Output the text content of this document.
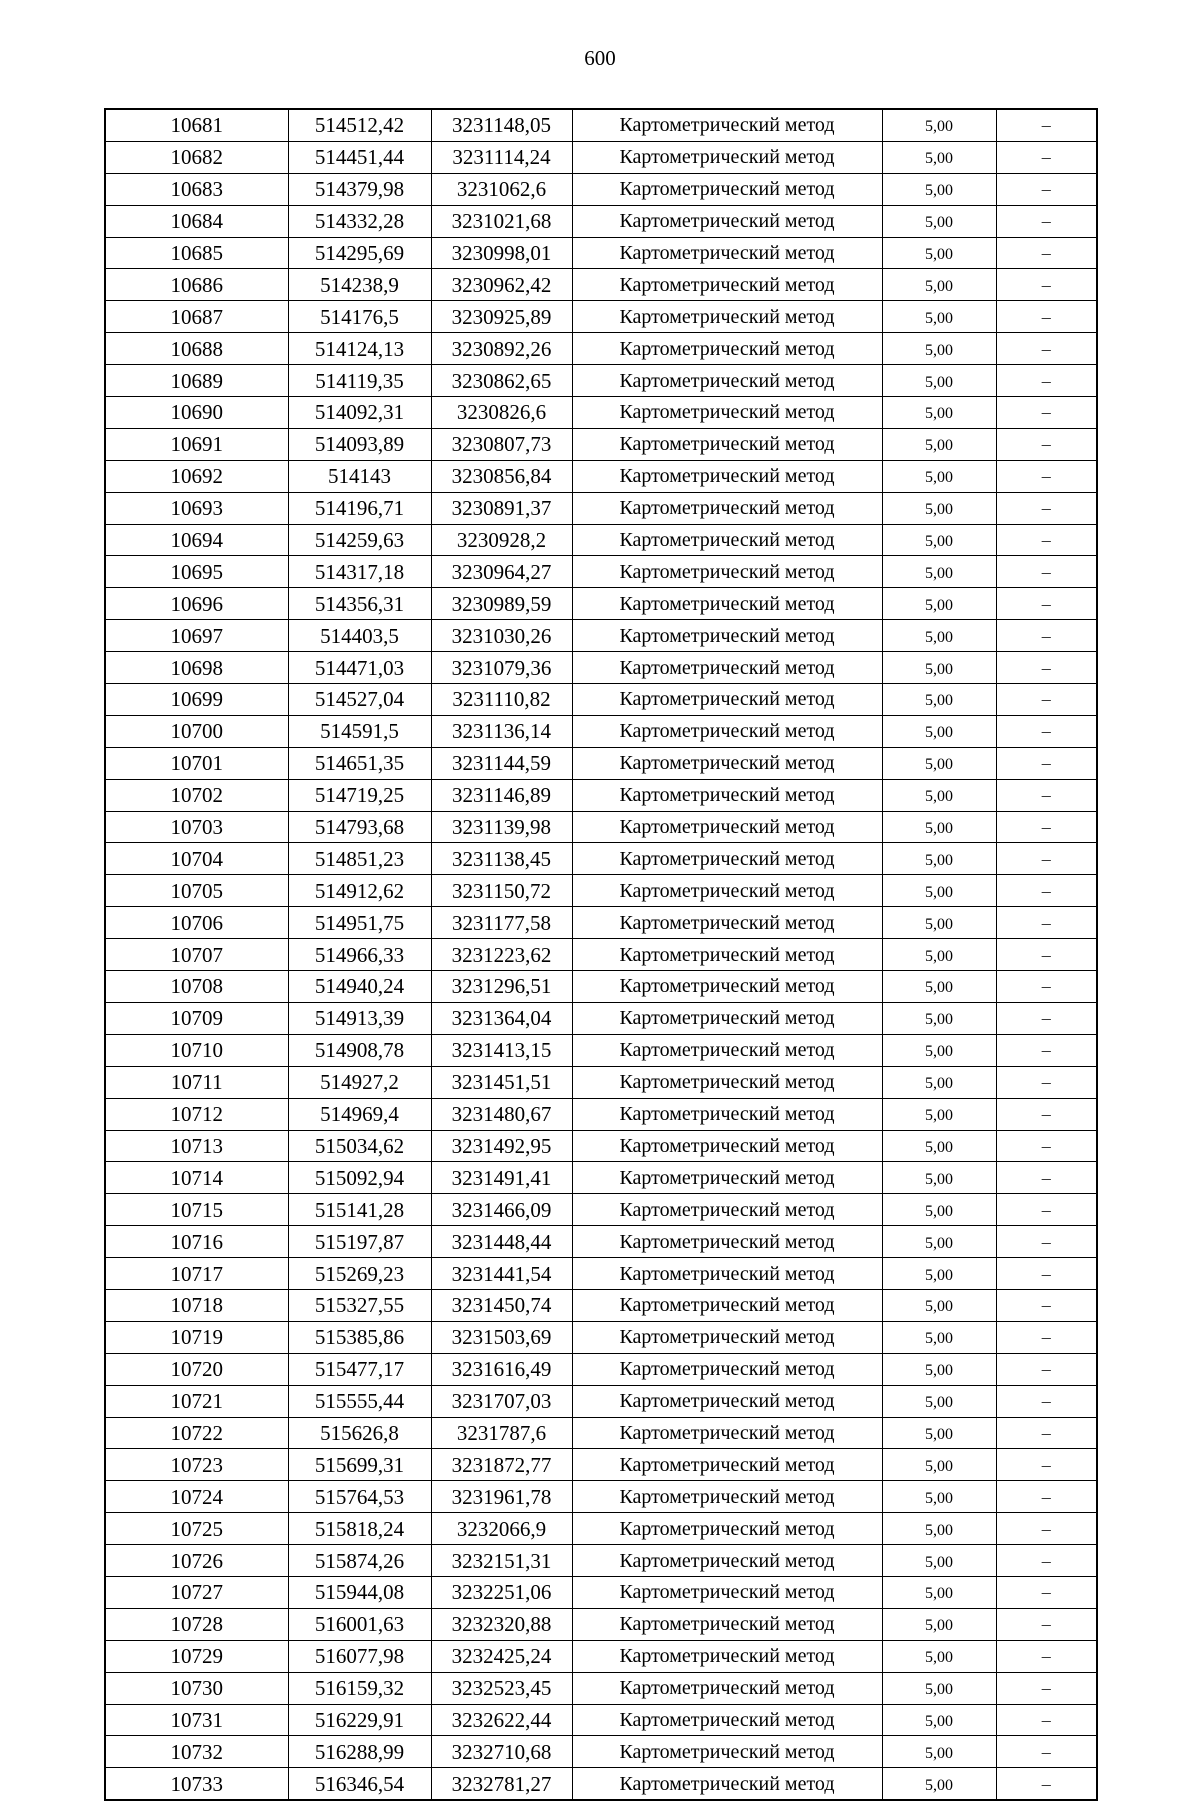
600
10681	514512,42	3231148,05	Картометрический метод	5,00	–
10682	514451,44	3231114,24	Картометрический метод	5,00	–
10683	514379,98	3231062,6	Картометрический метод	5,00	–
10684	514332,28	3231021,68	Картометрический метод	5,00	–
10685	514295,69	3230998,01	Картометрический метод	5,00	–
10686	514238,9	3230962,42	Картометрический метод	5,00	–
10687	514176,5	3230925,89	Картометрический метод	5,00	–
10688	514124,13	3230892,26	Картометрический метод	5,00	–
10689	514119,35	3230862,65	Картометрический метод	5,00	–
10690	514092,31	3230826,6	Картометрический метод	5,00	–
10691	514093,89	3230807,73	Картометрический метод	5,00	–
10692	514143	3230856,84	Картометрический метод	5,00	–
10693	514196,71	3230891,37	Картометрический метод	5,00	–
10694	514259,63	3230928,2	Картометрический метод	5,00	–
10695	514317,18	3230964,27	Картометрический метод	5,00	–
10696	514356,31	3230989,59	Картометрический метод	5,00	–
10697	514403,5	3231030,26	Картометрический метод	5,00	–
10698	514471,03	3231079,36	Картометрический метод	5,00	–
10699	514527,04	3231110,82	Картометрический метод	5,00	–
10700	514591,5	3231136,14	Картометрический метод	5,00	–
10701	514651,35	3231144,59	Картометрический метод	5,00	–
10702	514719,25	3231146,89	Картометрический метод	5,00	–
10703	514793,68	3231139,98	Картометрический метод	5,00	–
10704	514851,23	3231138,45	Картометрический метод	5,00	–
10705	514912,62	3231150,72	Картометрический метод	5,00	–
10706	514951,75	3231177,58	Картометрический метод	5,00	–
10707	514966,33	3231223,62	Картометрический метод	5,00	–
10708	514940,24	3231296,51	Картометрический метод	5,00	–
10709	514913,39	3231364,04	Картометрический метод	5,00	–
10710	514908,78	3231413,15	Картометрический метод	5,00	–
10711	514927,2	3231451,51	Картометрический метод	5,00	–
10712	514969,4	3231480,67	Картометрический метод	5,00	–
10713	515034,62	3231492,95	Картометрический метод	5,00	–
10714	515092,94	3231491,41	Картометрический метод	5,00	–
10715	515141,28	3231466,09	Картометрический метод	5,00	–
10716	515197,87	3231448,44	Картометрический метод	5,00	–
10717	515269,23	3231441,54	Картометрический метод	5,00	–
10718	515327,55	3231450,74	Картометрический метод	5,00	–
10719	515385,86	3231503,69	Картометрический метод	5,00	–
10720	515477,17	3231616,49	Картометрический метод	5,00	–
10721	515555,44	3231707,03	Картометрический метод	5,00	–
10722	515626,8	3231787,6	Картометрический метод	5,00	–
10723	515699,31	3231872,77	Картометрический метод	5,00	–
10724	515764,53	3231961,78	Картометрический метод	5,00	–
10725	515818,24	3232066,9	Картометрический метод	5,00	–
10726	515874,26	3232151,31	Картометрический метод	5,00	–
10727	515944,08	3232251,06	Картометрический метод	5,00	–
10728	516001,63	3232320,88	Картометрический метод	5,00	–
10729	516077,98	3232425,24	Картометрический метод	5,00	–
10730	516159,32	3232523,45	Картометрический метод	5,00	–
10731	516229,91	3232622,44	Картометрический метод	5,00	–
10732	516288,99	3232710,68	Картометрический метод	5,00	–
10733	516346,54	3232781,27	Картометрический метод	5,00	–
